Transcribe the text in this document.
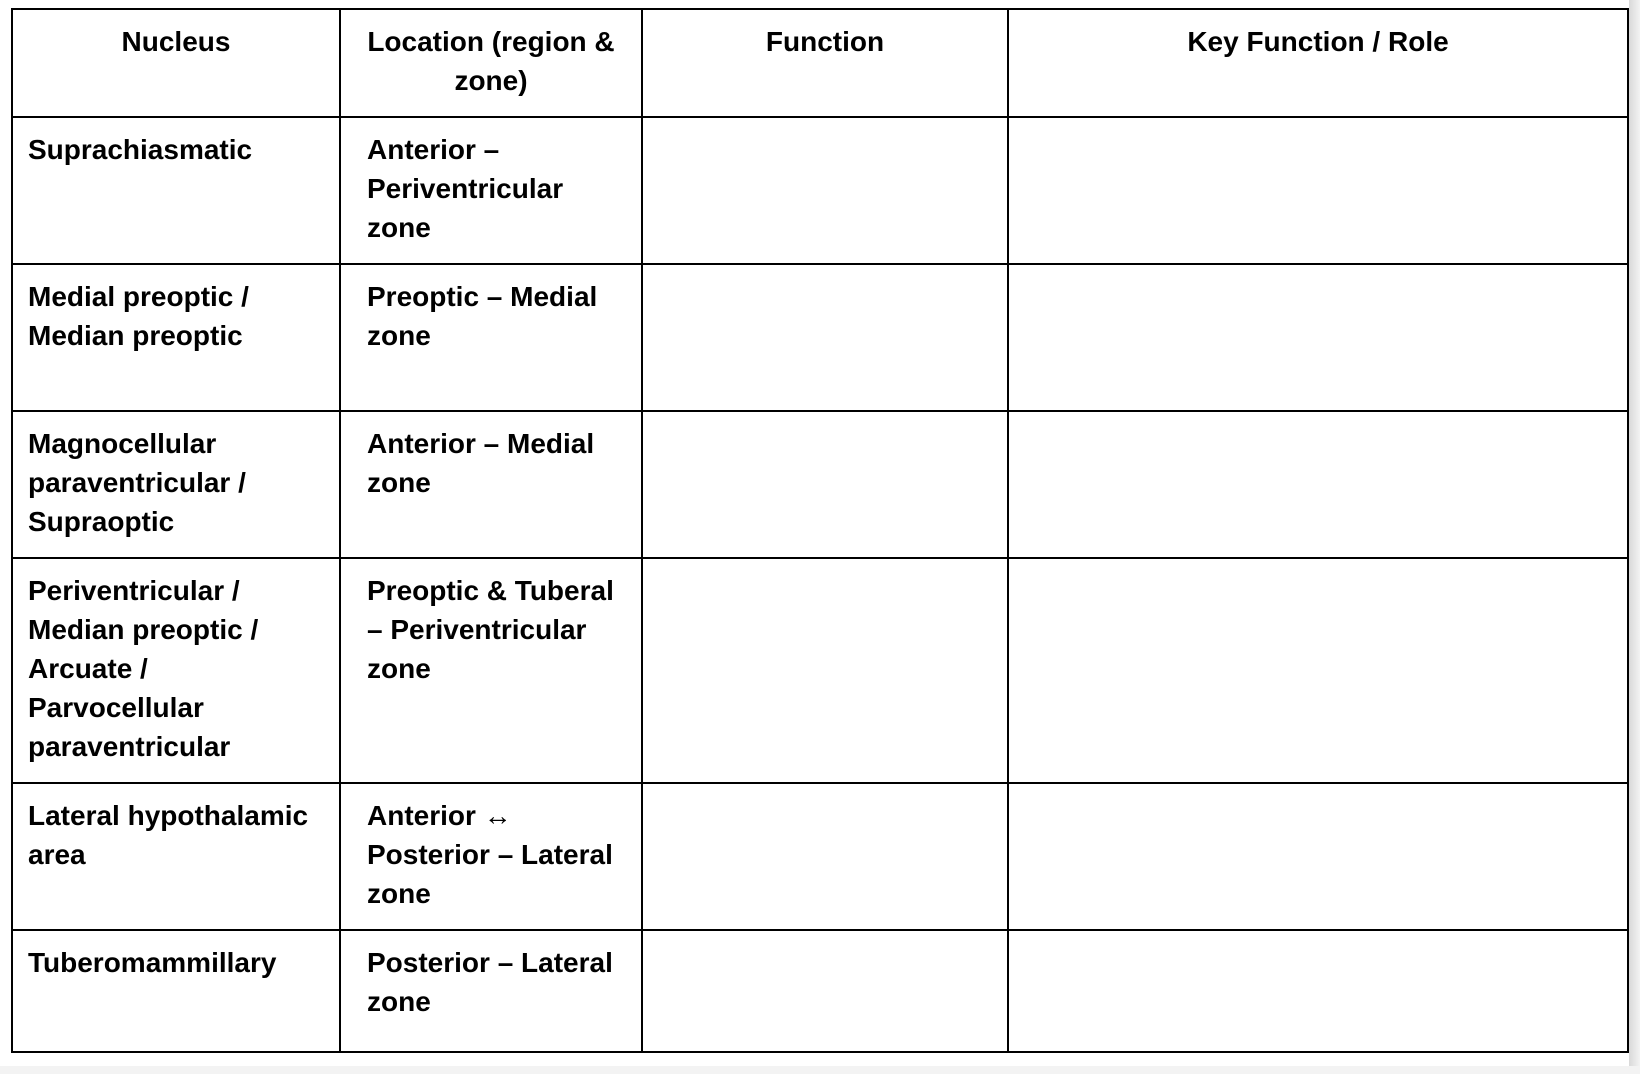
Nucleus	Location (region & zone)	Function	Key Function / Role
Suprachiasmatic	Anterior – Periventricular zone		
Medial preoptic / Median preoptic	Preoptic – Medial zone		
Magnocellular paraventricular / Supraoptic	Anterior – Medial zone		
Periventricular / Median preoptic / Arcuate / Parvocellular paraventricular	Preoptic & Tuberal – Periventricular zone		
Lateral hypothalamic area	Anterior ↔ Posterior – Lateral zone		
Tuberomammillary	Posterior – Lateral zone		
